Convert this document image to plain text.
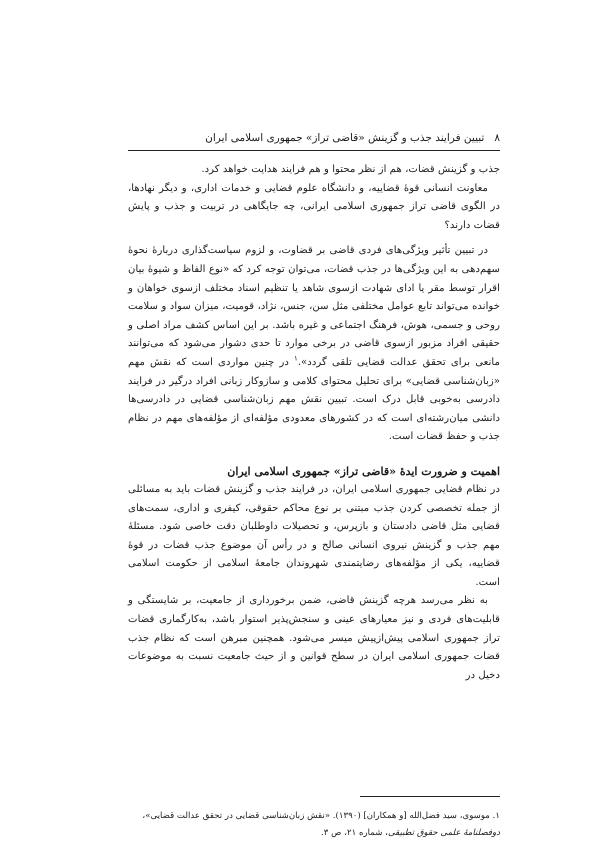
۸
تبیین فرایند جذب و گزینش «قاضی تراز» جمهوری اسلامی ایران

جذب و گزینش قضات، هم از نظر محتوا و هم فرایند هدایت خواهد کرد.

معاونت انسانی قوهٔ قضاییه، و دانشگاه علوم قضایی و خدمات اداری، و دیگر نهادها، در الگوی قاضی تراز جمهوری اسلامی ایرانی، چه جایگاهی در تربیت و جذب و پایش قضات دارند؟

در تبیین تأثیر ویژگی‌های فردی قاضی بر قضاوت، و لزوم سیاست‌گذاری دربارهٔ نحوهٔ سهم‌دهی به این ویژگی‌ها در جذب قضات، می‌توان توجه کرد که «نوع الفاظ و شیوهٔ بیان اقرار توسط مقر یا ادای شهادت ازسوی شاهد یا تنظیم اسناد مختلف ازسوی خواهان و خوانده می‌تواند تابع عوامل مختلفی مثل سن، جنس، نژاد، قومیت، میزان سواد و سلامت روحی و جسمی، هوش، فرهنگ اجتماعی و غیره باشد. بر این اساس کشف مراد اصلی و حقیقی افراد مزبور ازسوی قاضی در برخی موارد تا حدی دشوار می‌شود که می‌توانند مانعی برای تحقق عدالت قضایی تلقی گردد».$^۱$ در چنین مواردی است که نقش مهم «زبان‌شناسی قضایی» برای تحلیل محتوای کلامی و ساز‌وکار زبانی افراد درگیر در فرایند دادرسی به‌خوبی قابل درک است. تبیین نقش مهم زبان‌شناسی قضایی در دادرسی‌ها دانشی میان‌رشته‌ای است که در کشورهای معدودی مؤلفه‌ای از مؤلفه‌های مهم در نظام جذب و حفظ قضات است.

اهمیت و ضرورت ایدهٔ «قاضی تراز» جمهوری اسلامی ایران

در نظام قضایی جمهوری اسلامی ایران، در فرایند جذب و گزینش قضات باید به مسائلی از جمله تخصصی کردن جذب مبتنی بر نوع محاکم حقوقی، کیفری و اداری، سمت‌های قضایی مثل قاضی دادستان و بازپرس، و تحصیلات داوطلبان دقت خاصی شود. مسئلهٔ مهم جذب و گزینش نیروی انسانی صالح و در رأس آن موضوع جذب قضات در قوهٔ قضاییه، یکی از مؤلفه‌های رضایتمندی شهروندان جامعهٔ اسلامی از حکومت اسلامی است.

به نظر می‌رسد هرچه گزینش قاضی، ضمن برخورداری از جامعیت، بر شایستگی و قابلیت‌های فردی و نیز معیارهای عینی و سنجش‌پذیر استوار باشد، به‌کارگماری قضات تراز جمهوری اسلامی پیش‌ازپیش میسر می‌شود. همچنین مبرهن است که نظام جذب قضات جمهوری اسلامی ایران در سطح قوانین و از حیث جامعیت نسبت به موضوعات دخیل در

۱. موسوی، سید فضل‌الله [و همکاران] (۱۳۹۰). «نقش زبان‌شناسی قضایی در تحقق عدالت قضایی»، دوفصلنامهٔ علمی حقوق تطبیقی، شماره ۲۱، ص ۳.
